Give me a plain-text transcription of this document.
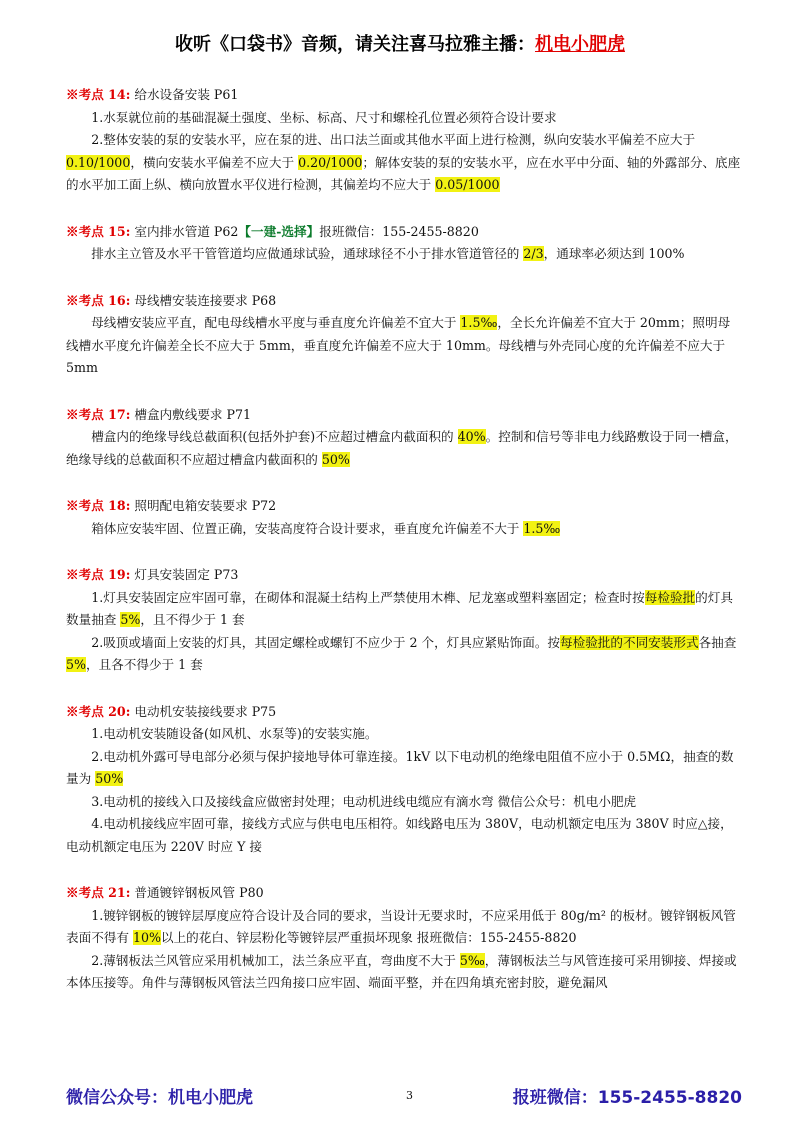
收听《口袋书》音频，请关注喜马拉雅主播：机电小肥虎
※考点 14: 给水设备安装 P61

1.水泵就位前的基础混凝土强度、坐标、标高、尺寸和螺栓孔位置必须符合设计要求

2.整体安装的泵的安装水平，应在泵的进、出口法兰面或其他水平面上进行检测，纵向安装水平偏差不应大于 0.10/1000，横向安装水平偏差不应大于 0.20/1000；解体安装的泵的安装水平，应在水平中分面、轴的外露部分、底座的水平加工面上纵、横向放置水平仪进行检测，其偏差均不应大于 0.05/1000

※考点 15: 室内排水管道 P62【一建-选择】报班微信：155-2455-8820

排水主立管及水平干管管道均应做通球试验，通球球径不小于排水管道管径的 2/3，通球率必须达到 100%

※考点 16: 母线槽安装连接要求 P68

母线槽安装应平直，配电母线槽水平度与垂直度允许偏差不宜大于 1.5‰，全长允许偏差不宜大于 20mm；照明母线槽水平度允许偏差全长不应大于 5mm，垂直度允许偏差不应大于 10mm。母线槽与外壳同心度的允许偏差不应大于 5mm

※考点 17: 槽盒内敷线要求 P71

槽盒内的绝缘导线总截面积(包括外护套)不应超过槽盒内截面积的 40%。控制和信号等非电力线路敷设于同一槽盒，绝缘导线的总截面积不应超过槽盒内截面积的 50%

※考点 18: 照明配电箱安装要求 P72

箱体应安装牢固、位置正确，安装高度符合设计要求，垂直度允许偏差不大于 1.5‰

※考点 19: 灯具安装固定 P73

1.灯具安装固定应牢固可靠，在砌体和混凝土结构上严禁使用木榫、尼龙塞或塑料塞固定；检查时按每检验批的灯具数量抽查 5%，且不得少于 1 套

2.吸顶或墙面上安装的灯具，其固定螺栓或螺钉不应少于 2 个，灯具应紧贴饰面。按每检验批的不同安装形式各抽查 5%，且各不得少于 1 套

※考点 20: 电动机安装接线要求 P75

1.电动机安装随设备(如风机、水泵等)的安装实施。

2.电动机外露可导电部分必须与保护接地导体可靠连接。1kV 以下电动机的绝缘电阻值不应小于 0.5MΩ，抽查的数量为 50%

3.电动机的接线入口及接线盒应做密封处理；电动机进线电缆应有滴水弯 微信公众号：机电小肥虎

4.电动机接线应牢固可靠，接线方式应与供电电压相符。如线路电压为 380V，电动机额定电压为 380V 时应△接，电动机额定电压为 220V 时应 Y 接

※考点 21: 普通镀锌钢板风管 P80

1.镀锌钢板的镀锌层厚度应符合设计及合同的要求，当设计无要求时，不应采用低于 80g/m² 的板材。镀锌钢板风管表面不得有 10%以上的花白、锌层粉化等镀锌层严重损坏现象 报班微信：155-2455-8820

2.薄钢板法兰风管应采用机械加工，法兰条应平直，弯曲度不大于 5‰，薄钢板法兰与风管连接可采用铆接、焊接或本体压接等。角件与薄钢板风管法兰四角接口应牢固、端面平整，并在四角填充密封胶，避免漏风

微信公众号：机电小肥虎	3	报班微信：155-2455-8820
